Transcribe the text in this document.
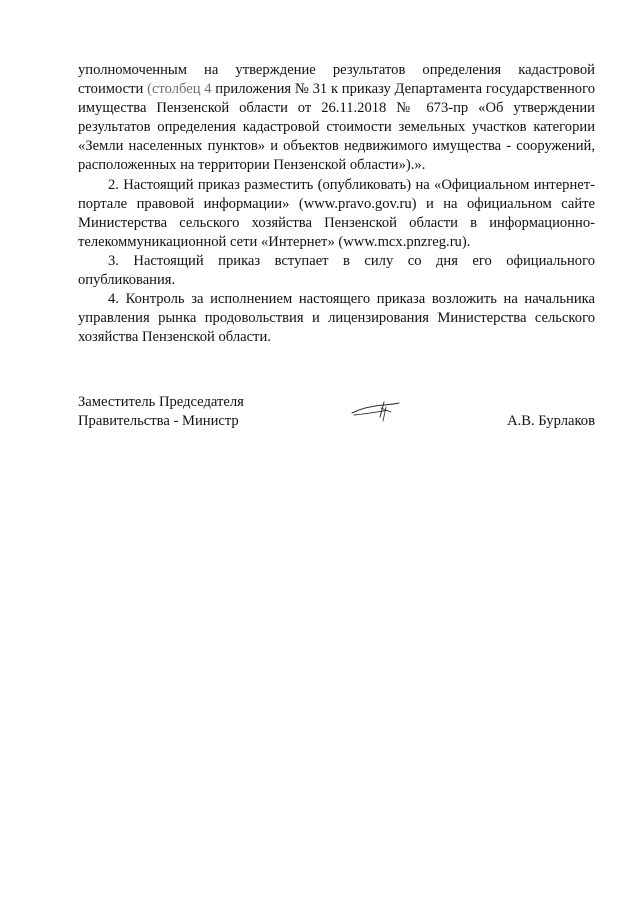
уполномоченным на утверждение результатов определения кадастровой стоимости (столбец 4 приложения № 31 к приказу Департамента государственного имущества Пензенской области от 26.11.2018 № 673-пр «Об утверждении результатов определения кадастровой стоимости земельных участков категории «Земли населенных пунктов» и объектов недвижимого имущества - сооружений, расположенных на территории Пензенской области»).».

2. Настоящий приказ разместить (опубликовать) на «Официальном интернет-портале правовой информации» (www.pravo.gov.ru) и на официальном сайте Министерства сельского хозяйства Пензенской области в информационно-телекоммуникационной сети «Интернет» (www.mcx.pnzreg.ru).

3. Настоящий приказ вступает в силу со дня его официального опубликования.

4. Контроль за исполнением настоящего приказа возложить на начальника управления рынка продовольствия и лицензирования Министерства сельского хозяйства Пензенской области.

Заместитель Председателя
Правительства - Министр	А.В. Бурлаков
